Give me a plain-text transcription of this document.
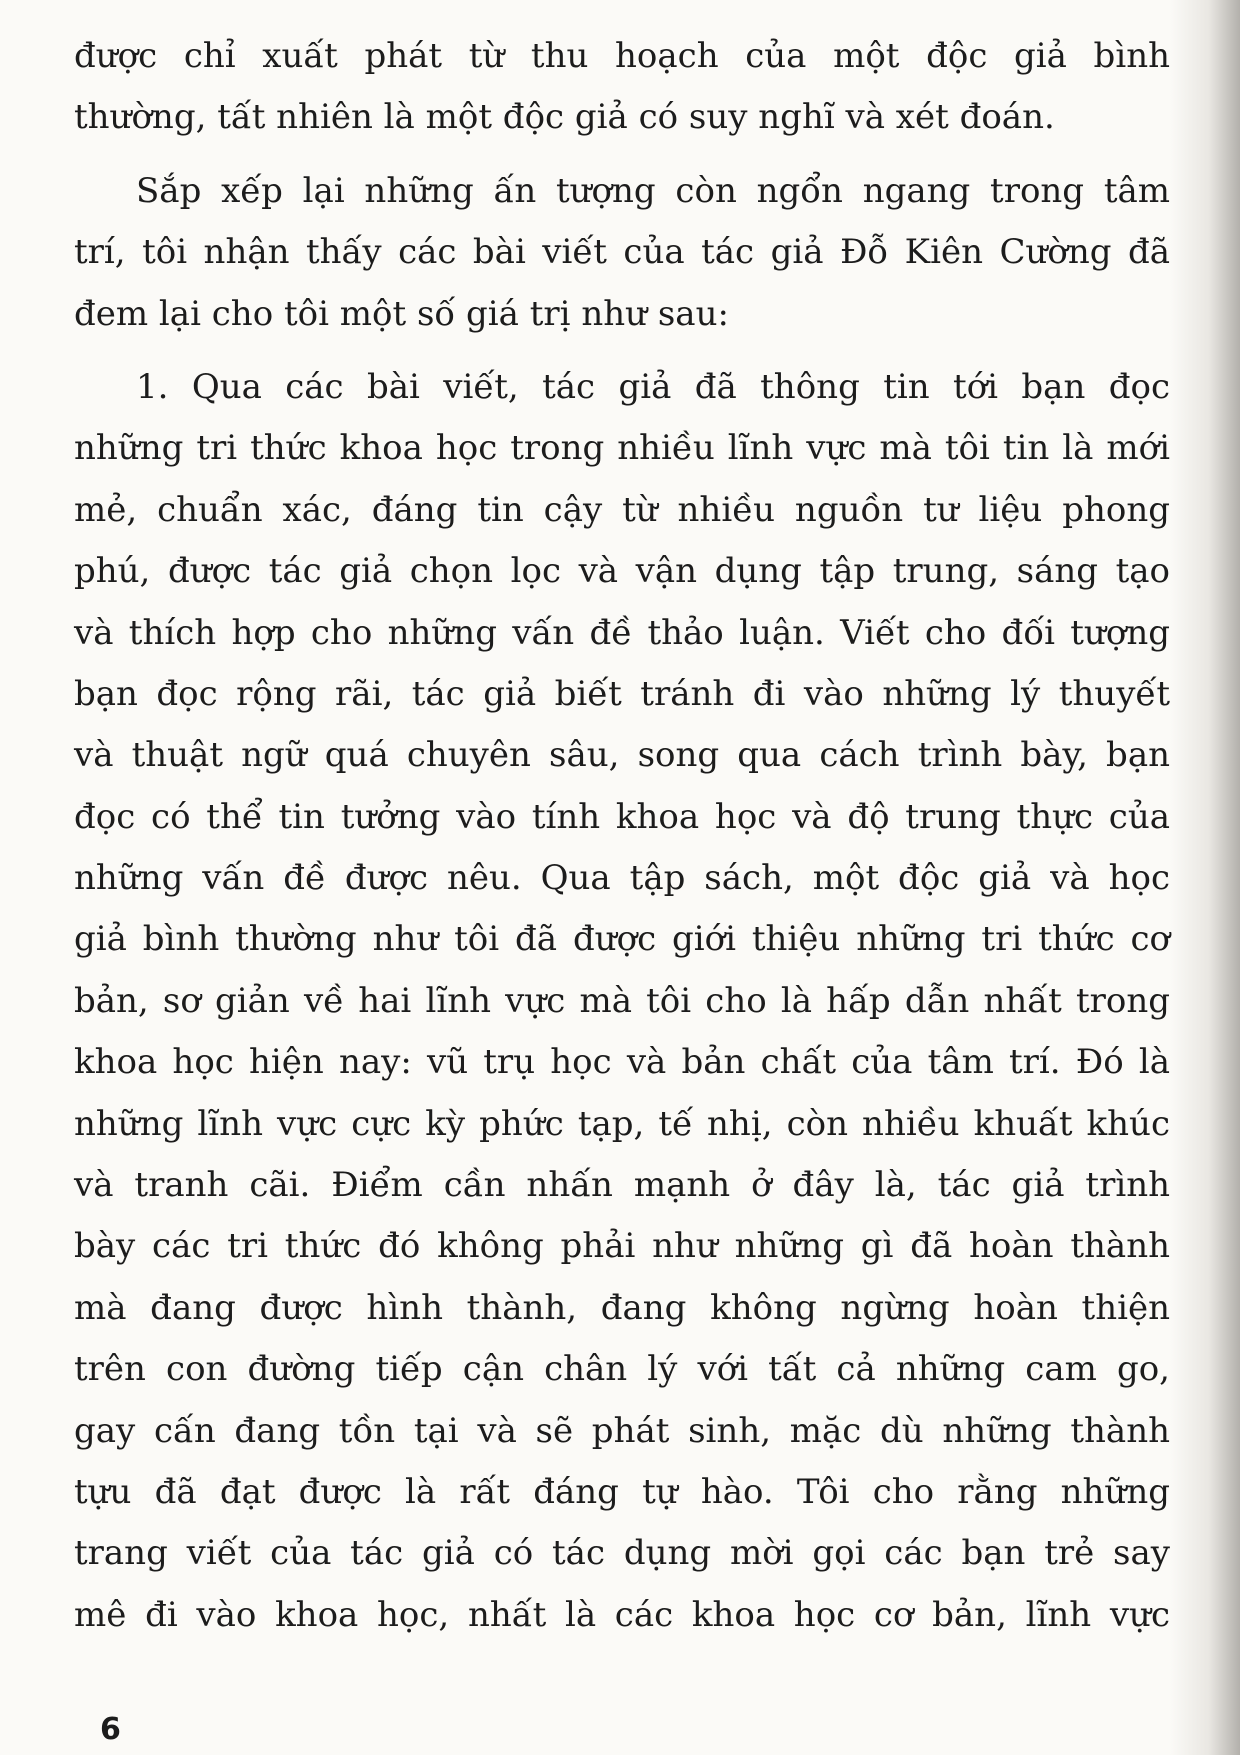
được chỉ xuất phát từ thu hoạch của một độc giả bình
thường, tất nhiên là một độc giả có suy nghĩ và xét đoán.
Sắp xếp lại những ấn tượng còn ngổn ngang trong tâm
trí, tôi nhận thấy các bài viết của tác giả Đỗ Kiên Cường đã
đem lại cho tôi một số giá trị như sau:
1. Qua các bài viết, tác giả đã thông tin tới bạn đọc
những tri thức khoa học trong nhiều lĩnh vực mà tôi tin là mới
mẻ, chuẩn xác, đáng tin cậy từ nhiều nguồn tư liệu phong
phú, được tác giả chọn lọc và vận dụng tập trung, sáng tạo
và thích hợp cho những vấn đề thảo luận. Viết cho đối tượng
bạn đọc rộng rãi, tác giả biết tránh đi vào những lý thuyết
và thuật ngữ quá chuyên sâu, song qua cách trình bày, bạn
đọc có thể tin tưởng vào tính khoa học và độ trung thực của
những vấn đề được nêu. Qua tập sách, một độc giả và học
giả bình thường như tôi đã được giới thiệu những tri thức cơ
bản, sơ giản về hai lĩnh vực mà tôi cho là hấp dẫn nhất trong
khoa học hiện nay: vũ trụ học và bản chất của tâm trí. Đó là
những lĩnh vực cực kỳ phức tạp, tế nhị, còn nhiều khuất khúc
và tranh cãi. Điểm cần nhấn mạnh ở đây là, tác giả trình
bày các tri thức đó không phải như những gì đã hoàn thành
mà đang được hình thành, đang không ngừng hoàn thiện
trên con đường tiếp cận chân lý với tất cả những cam go,
gay cấn đang tồn tại và sẽ phát sinh, mặc dù những thành
tựu đã đạt được là rất đáng tự hào. Tôi cho rằng những
trang viết của tác giả có tác dụng mời gọi các bạn trẻ say
mê đi vào khoa học, nhất là các khoa học cơ bản, lĩnh vực
6
